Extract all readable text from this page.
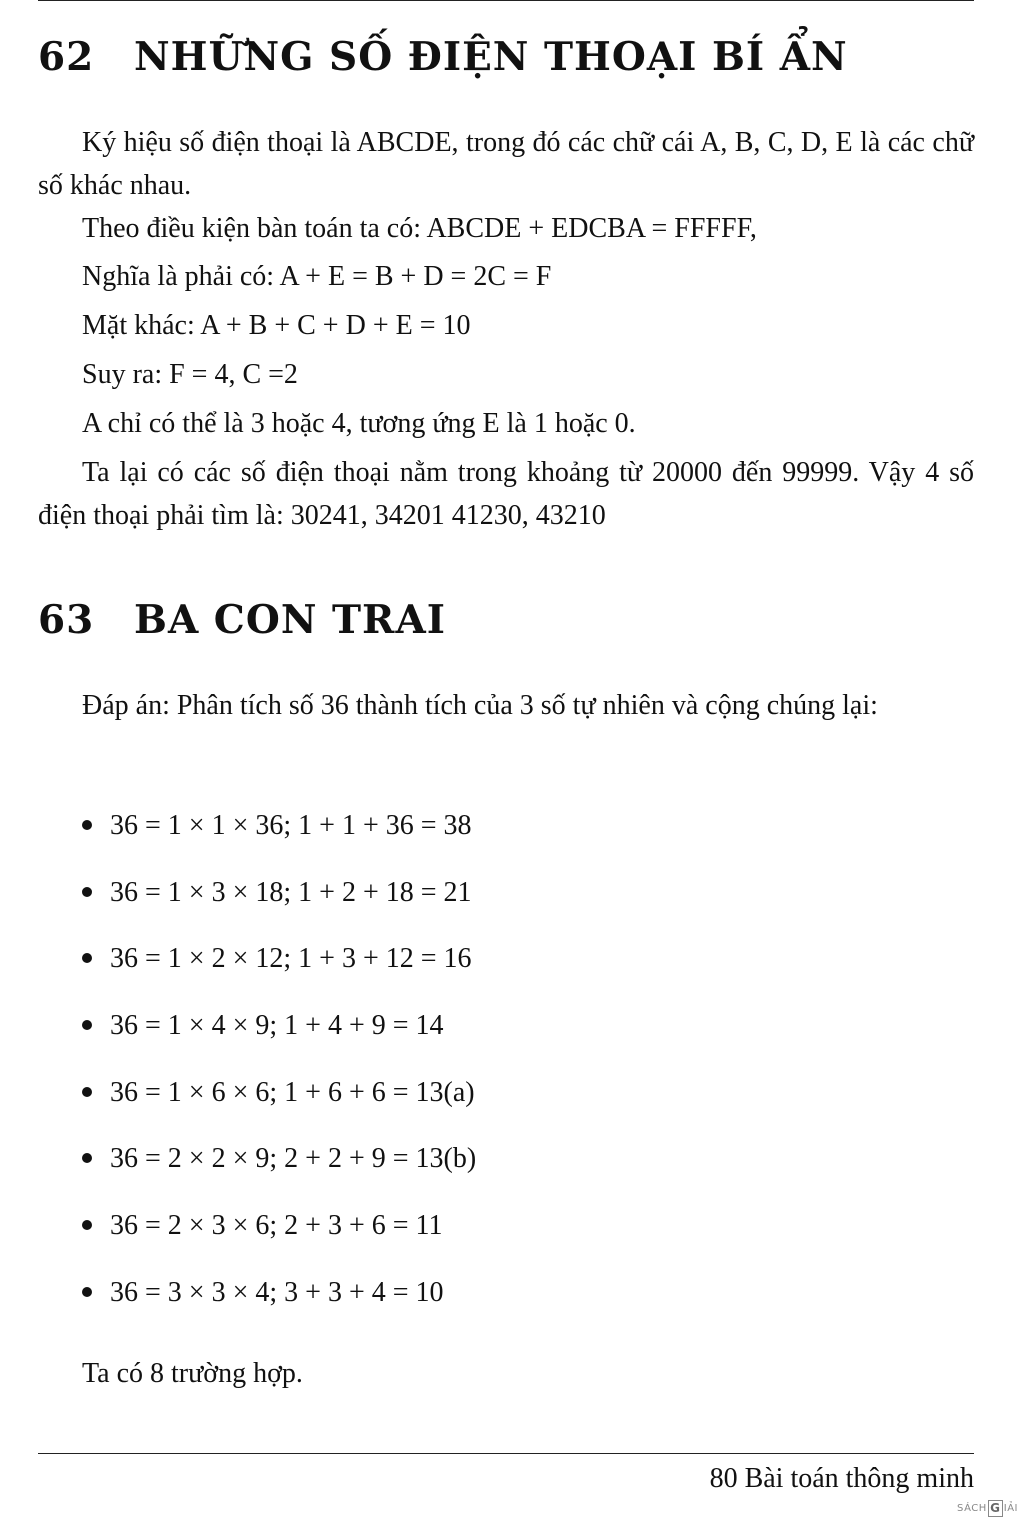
62 NHỮNG SỐ ĐIỆN THOẠI BÍ ẨN

Ký hiệu số điện thoại là ABCDE, trong đó các chữ cái A, B, C, D, E là các chữ số khác nhau.

Theo điều kiện bàn toán ta có: ABCDE + EDCBA = FFFFF,

Nghĩa là phải có: A + E = B + D = 2C = F

Mặt khác: A + B + C + D + E = 10

Suy ra: F = 4, C =2

A chỉ có thể là 3 hoặc 4, tương ứng E là 1 hoặc 0.

Ta lại có các số điện thoại nằm trong khoảng từ 20000 đến 99999. Vậy 4 số điện thoại phải tìm là: 30241, 34201 41230, 43210

63 BA CON TRAI

Đáp án: Phân tích số 36 thành tích của 3 số tự nhiên và cộng chúng lại:

36 = 1 × 1 × 36; 1 + 1 + 36 = 38
36 = 1 × 3 × 18; 1 + 2 + 18 = 21
36 = 1 × 2 × 12; 1 + 3 + 12 = 16
36 = 1 × 4 × 9; 1 + 4 + 9 = 14
36 = 1 × 6 × 6; 1 + 6 + 6 = 13(a)
36 = 2 × 2 × 9; 2 + 2 + 9 = 13(b)
36 = 2 × 3 × 6; 2 + 3 + 6 = 11
36 = 3 × 3 × 4; 3 + 3 + 4 = 10

Ta có 8 trường hợp.

80 Bài toán thông minh
SÁCH G IẢI
